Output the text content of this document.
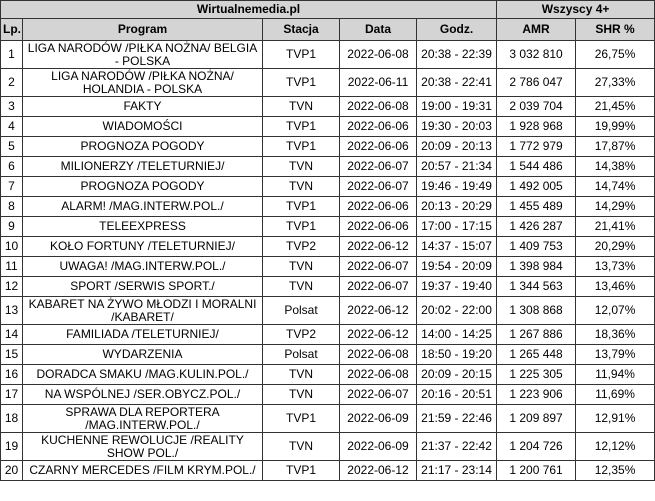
Wirtualnemedia.pl					Wszyscy 4+	
Lp.	Program	Stacja	Data	Godz.	AMR	SHR %
1	LIGA NARODÓW /PIŁKA NOŻNA/ BELGIA - POLSKA	TVP1	2022-06-08	20:38 - 22:39	3 032 810	26,75%
2	LIGA NARODÓW /PIŁKA NOŻNA/ HOLANDIA - POLSKA	TVP1	2022-06-11	20:38 - 22:41	2 786 047	27,33%
3	FAKTY	TVN	2022-06-08	19:00 - 19:31	2 039 704	21,45%
4	WIADOMOŚCI	TVP1	2022-06-06	19:30 - 20:03	1 928 968	19,99%
5	PROGNOZA POGODY	TVP1	2022-06-06	20:09 - 20:13	1 772 979	17,87%
6	MILIONERZY /TELETURNIEJ/	TVN	2022-06-07	20:57 - 21:34	1 544 486	14,38%
7	PROGNOZA POGODY	TVN	2022-06-07	19:46 - 19:49	1 492 005	14,74%
8	ALARM! /MAG.INTERW.POL./	TVP1	2022-06-06	20:13 - 20:29	1 455 489	14,29%
9	TELEEXPRESS	TVP1	2022-06-06	17:00 - 17:15	1 426 287	21,41%
10	KOŁO FORTUNY /TELETURNIEJ/	TVP2	2022-06-12	14:37 - 15:07	1 409 753	20,29%
11	UWAGA! /MAG.INTERW.POL./	TVN	2022-06-07	19:54 - 20:09	1 398 984	13,73%
12	SPORT /SERWIS SPORT./	TVN	2022-06-07	19:37 - 19:40	1 344 563	13,46%
13	KABARET NA ŻYWO MŁODZI I MORALNI /KABARET/	Polsat	2022-06-12	20:02 - 22:00	1 308 868	12,07%
14	FAMILIADA /TELETURNIEJ/	TVP2	2022-06-12	14:00 - 14:25	1 267 886	18,36%
15	WYDARZENIA	Polsat	2022-06-08	18:50 - 19:20	1 265 448	13,79%
16	DORADCA SMAKU /MAG.KULIN.POL./	TVN	2022-06-08	20:09 - 20:15	1 225 305	11,94%
17	NA WSPÓLNEJ /SER.OBYCZ.POL./	TVN	2022-06-07	20:16 - 20:51	1 223 906	11,69%
18	SPRAWA DLA REPORTERA /MAG.INTERW.POL./	TVP1	2022-06-09	21:59 - 22:46	1 209 897	12,91%
19	KUCHENNE REWOLUCJE /REALITY SHOW POL./	TVN	2022-06-09	21:37 - 22:42	1 204 726	12,12%
20	CZARNY MERCEDES /FILM KRYM.POL./	TVP1	2022-06-12	21:17 - 23:14	1 200 761	12,35%
